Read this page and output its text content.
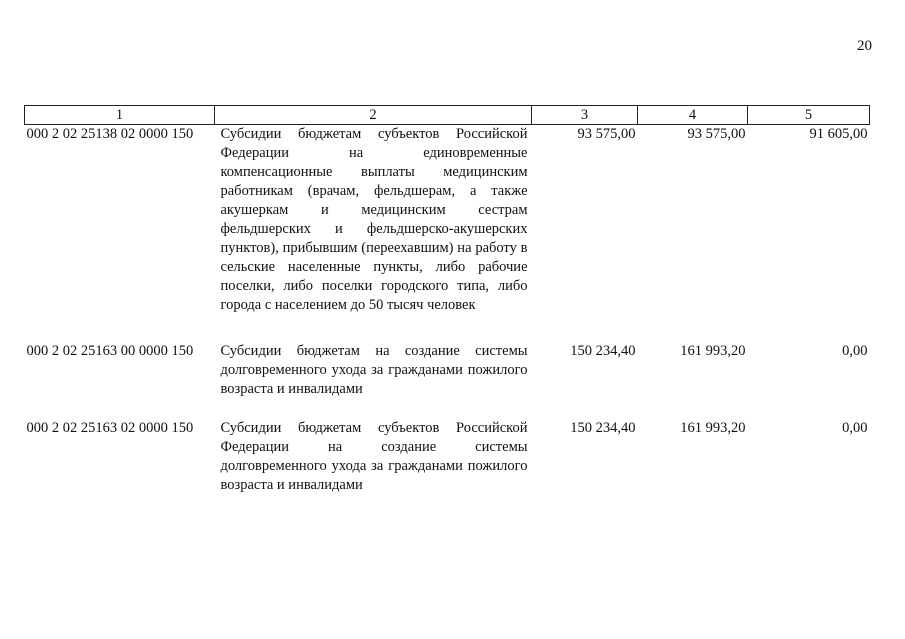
20
1	2	3	4	5
000 2 02 25138 02 0000 150	Субсидии бюджетам субъектов Российской Федерации на единовременные компенсационные выплаты медицинским работникам (врачам, фельдшерам, а также акушеркам и медицинским сестрам фельдшерских и фельдшерско-акушерских пунктов), прибывшим (переехавшим) на работу в сельские населенные пункты, либо рабочие поселки, либо поселки городского типа, либо города с населением до 50 тысяч человек	93 575,00	93 575,00	91 605,00
000 2 02 25163 00 0000 150	Субсидии бюджетам на создание системы долговременного ухода за гражданами пожилого возраста и инвалидами	150 234,40	161 993,20	0,00
000 2 02 25163 02 0000 150	Субсидии бюджетам субъектов Российской Федерации на создание системы долговременного ухода за гражданами пожилого возраста и инвалидами	150 234,40	161 993,20	0,00
